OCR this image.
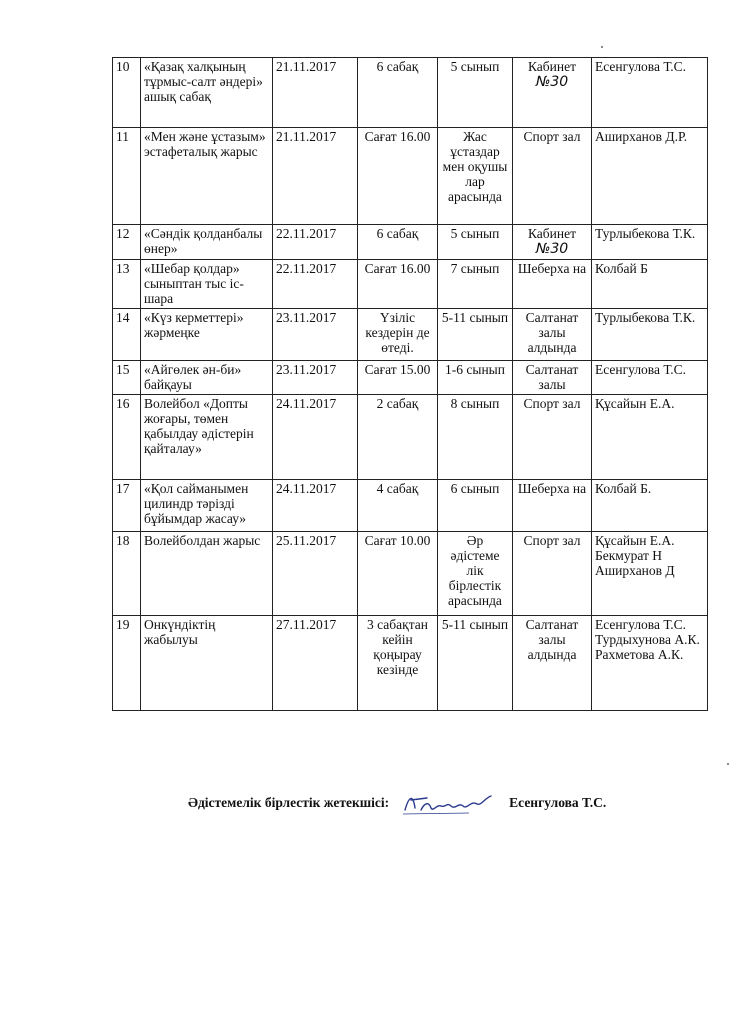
10	«Қазақ халқының тұрмыс-салт әндері» ашық сабақ	21.11.2017	6 сабақ	5 сынып	Кабинет №30	Есенгулова Т.С.
11	«Мен және ұстазым» эстафеталық жарыс	21.11.2017	Сағат 16.00	Жас ұстаздар мен оқушы лар арасында	Спорт зал	Аширханов Д.Р.
12	«Сәндік қолданбалы өнер»	22.11.2017	6 сабақ	5 сынып	Кабинет №30	Турлыбекова Т.К.
13	«Шебар қолдар» сыныптан тыс іс-шара	22.11.2017	Сағат 16.00	7 сынып	Шеберха на	Колбай Б
14	«Күз керметтері» жәрмеңке	23.11.2017	Үзіліс кездерін де өтеді.	5-11 сынып	Салтанат залы алдында	Турлыбекова Т.К.
15	«Айгөлек ән-би» байқауы	23.11.2017	Сағат 15.00	1-6 сынып	Салтанат залы	Есенгулова Т.С.
16	Волейбол «Допты жоғары, төмен қабылдау әдістерін қайталау»	24.11.2017	2 сабақ	8 сынып	Спорт зал	Құсайын Е.А.
17	«Қол сайманымен цилиндр тәрізді бұйымдар жасау»	24.11.2017	4 сабақ	6 сынып	Шеберха на	Колбай Б.
18	Волейболдан жарыс	25.11.2017	Сағат 10.00	Әр әдістеме лік бірлестік арасында	Спорт зал	Құсайын Е.А. Бекмурат Н Аширханов Д
19	Онкүндіктің жабылуы	27.11.2017	3 сабақтан кейін қоңырау кезінде	5-11 сынып	Салтанат залы алдында	Есенгулова Т.С. Турдыхунова А.К. Рахметова А.К.
Әдістемелік бірлестік жетекшісі:	Есенгулова Т.С.
